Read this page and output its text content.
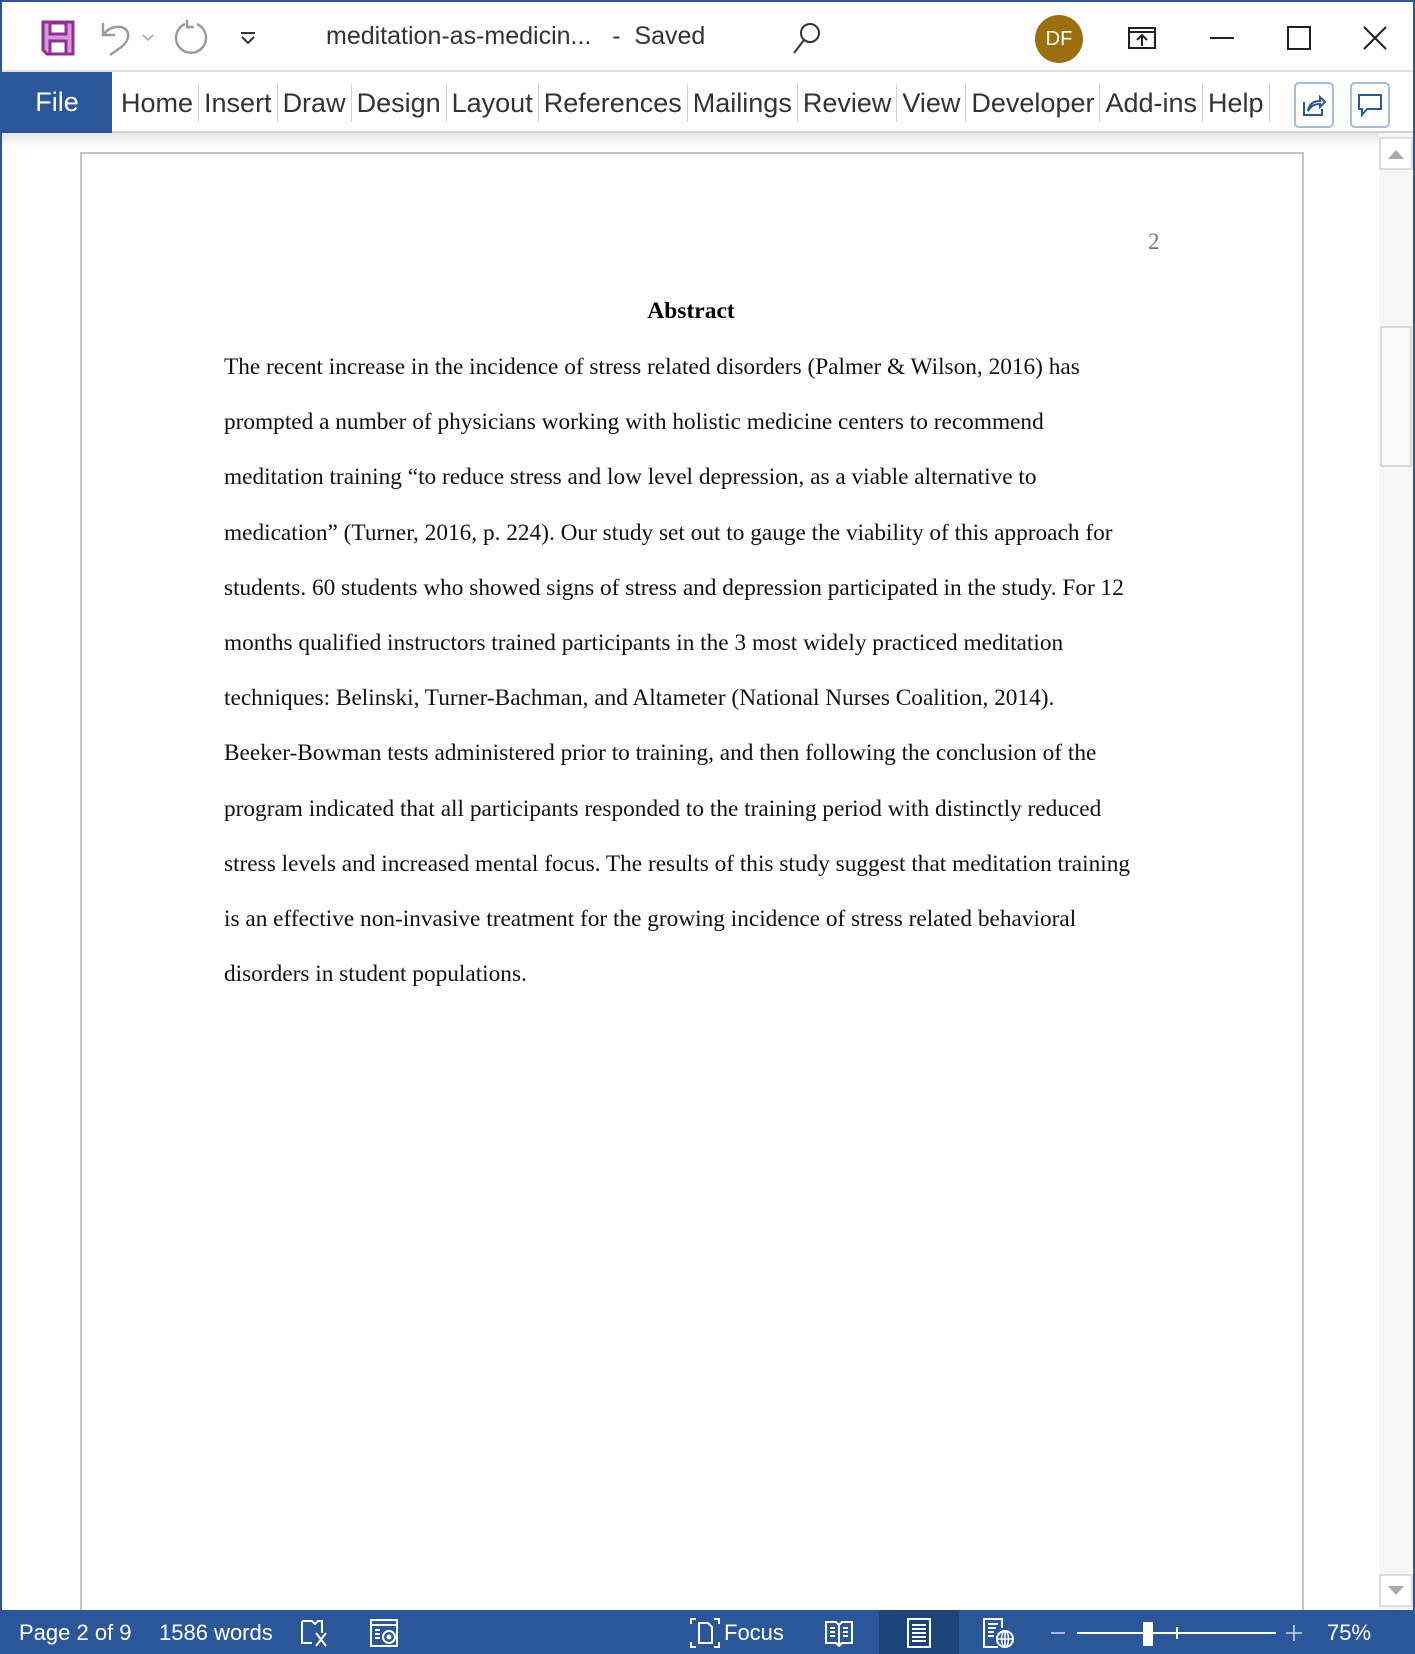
meditation-as-medicin...   -  Saved	DF
File	Home Insert Draw Design Layout References Mailings Review View Developer Add-ins Help
2
Abstract
The recent increase in the incidence of stress related disorders (Palmer & Wilson, 2016) has
prompted a number of physicians working with holistic medicine centers to recommend
meditation training “to reduce stress and low level depression, as a viable alternative to
medication” (Turner, 2016, p. 224). Our study set out to gauge the viability of this approach for
students. 60 students who showed signs of stress and depression participated in the study. For 12
months qualified instructors trained participants in the 3 most widely practiced meditation
techniques: Belinski, Turner-Bachman, and Altameter (National Nurses Coalition, 2014).
Beeker-Bowman tests administered prior to training, and then following the conclusion of the
program indicated that all participants responded to the training period with distinctly reduced
stress levels and increased mental focus. The results of this study suggest that meditation training
is an effective non-invasive treatment for the growing incidence of stress related behavioral
disorders in student populations.
Page 2 of 9 1586 words	Focus	75%
